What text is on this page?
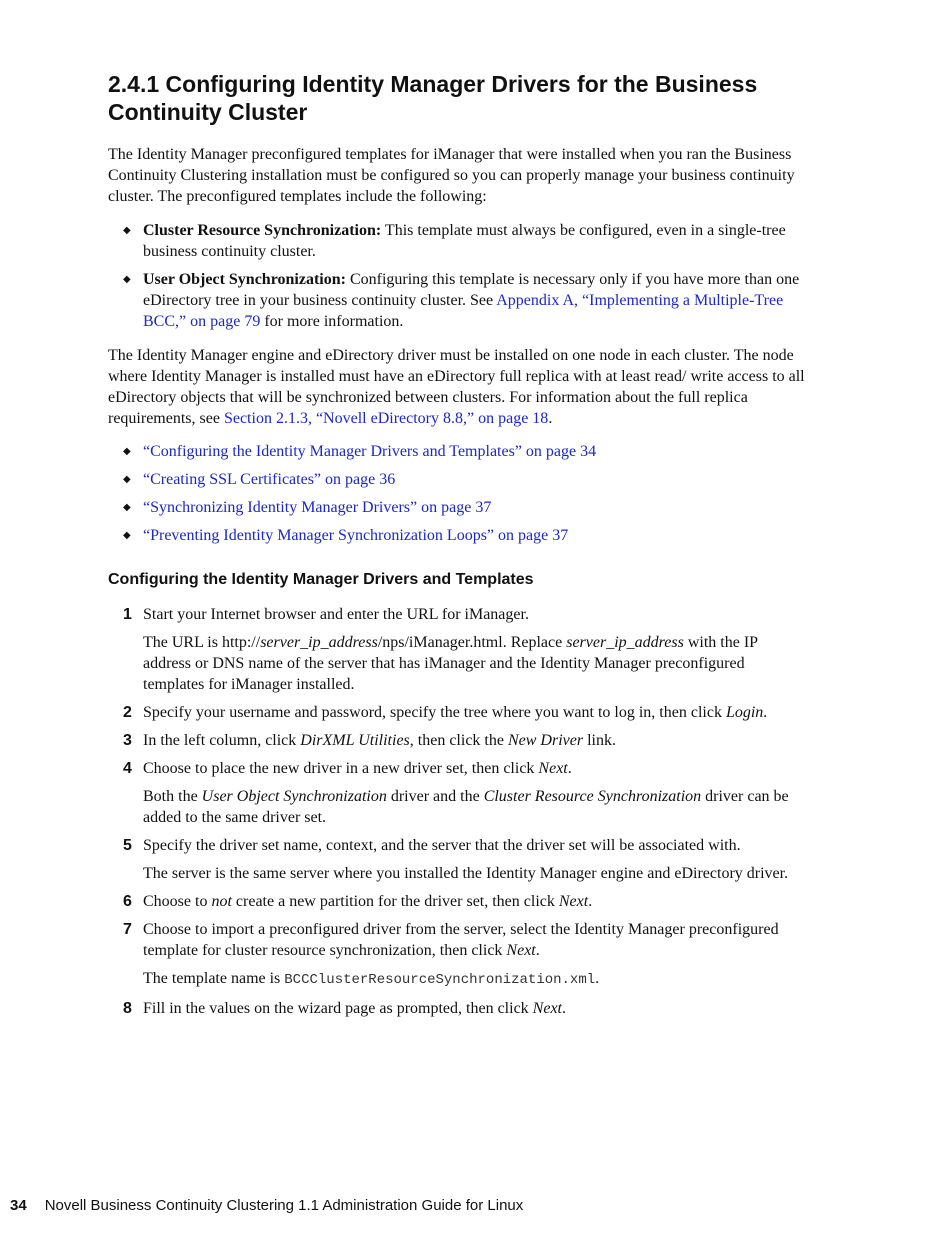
2.4.1 Configuring Identity Manager Drivers for the Business Continuity Cluster

The Identity Manager preconfigured templates for iManager that were installed when you ran the Business Continuity Clustering installation must be configured so you can properly manage your business continuity cluster. The preconfigured templates include the following:

◆ Cluster Resource Synchronization: This template must always be configured, even in a single-tree business continuity cluster.
◆ User Object Synchronization: Configuring this template is necessary only if you have more than one eDirectory tree in your business continuity cluster. See Appendix A, “Implementing a Multiple-Tree BCC,” on page 79 for more information.

The Identity Manager engine and eDirectory driver must be installed on one node in each cluster. The node where Identity Manager is installed must have an eDirectory full replica with at least read/ write access to all eDirectory objects that will be synchronized between clusters. For information about the full replica requirements, see Section 2.1.3, “Novell eDirectory 8.8,” on page 18.

◆ “Configuring the Identity Manager Drivers and Templates” on page 34
◆ “Creating SSL Certificates” on page 36
◆ “Synchronizing Identity Manager Drivers” on page 37
◆ “Preventing Identity Manager Synchronization Loops” on page 37
Configuring the Identity Manager Drivers and Templates
1 Start your Internet browser and enter the URL for iManager.
The URL is http://server_ip_address/nps/iManager.html. Replace server_ip_address with the IP address or DNS name of the server that has iManager and the Identity Manager preconfigured templates for iManager installed.
2 Specify your username and password, specify the tree where you want to log in, then click Login.
3 In the left column, click DirXML Utilities, then click the New Driver link.
4 Choose to place the new driver in a new driver set, then click Next.
Both the User Object Synchronization driver and the Cluster Resource Synchronization driver can be added to the same driver set.
5 Specify the driver set name, context, and the server that the driver set will be associated with.
The server is the same server where you installed the Identity Manager engine and eDirectory driver.
6 Choose to not create a new partition for the driver set, then click Next.
7 Choose to import a preconfigured driver from the server, select the Identity Manager preconfigured template for cluster resource synchronization, then click Next.
The template name is BCCClusterResourceSynchronization.xml.
8 Fill in the values on the wizard page as prompted, then click Next.
34 Novell Business Continuity Clustering 1.1 Administration Guide for Linux
